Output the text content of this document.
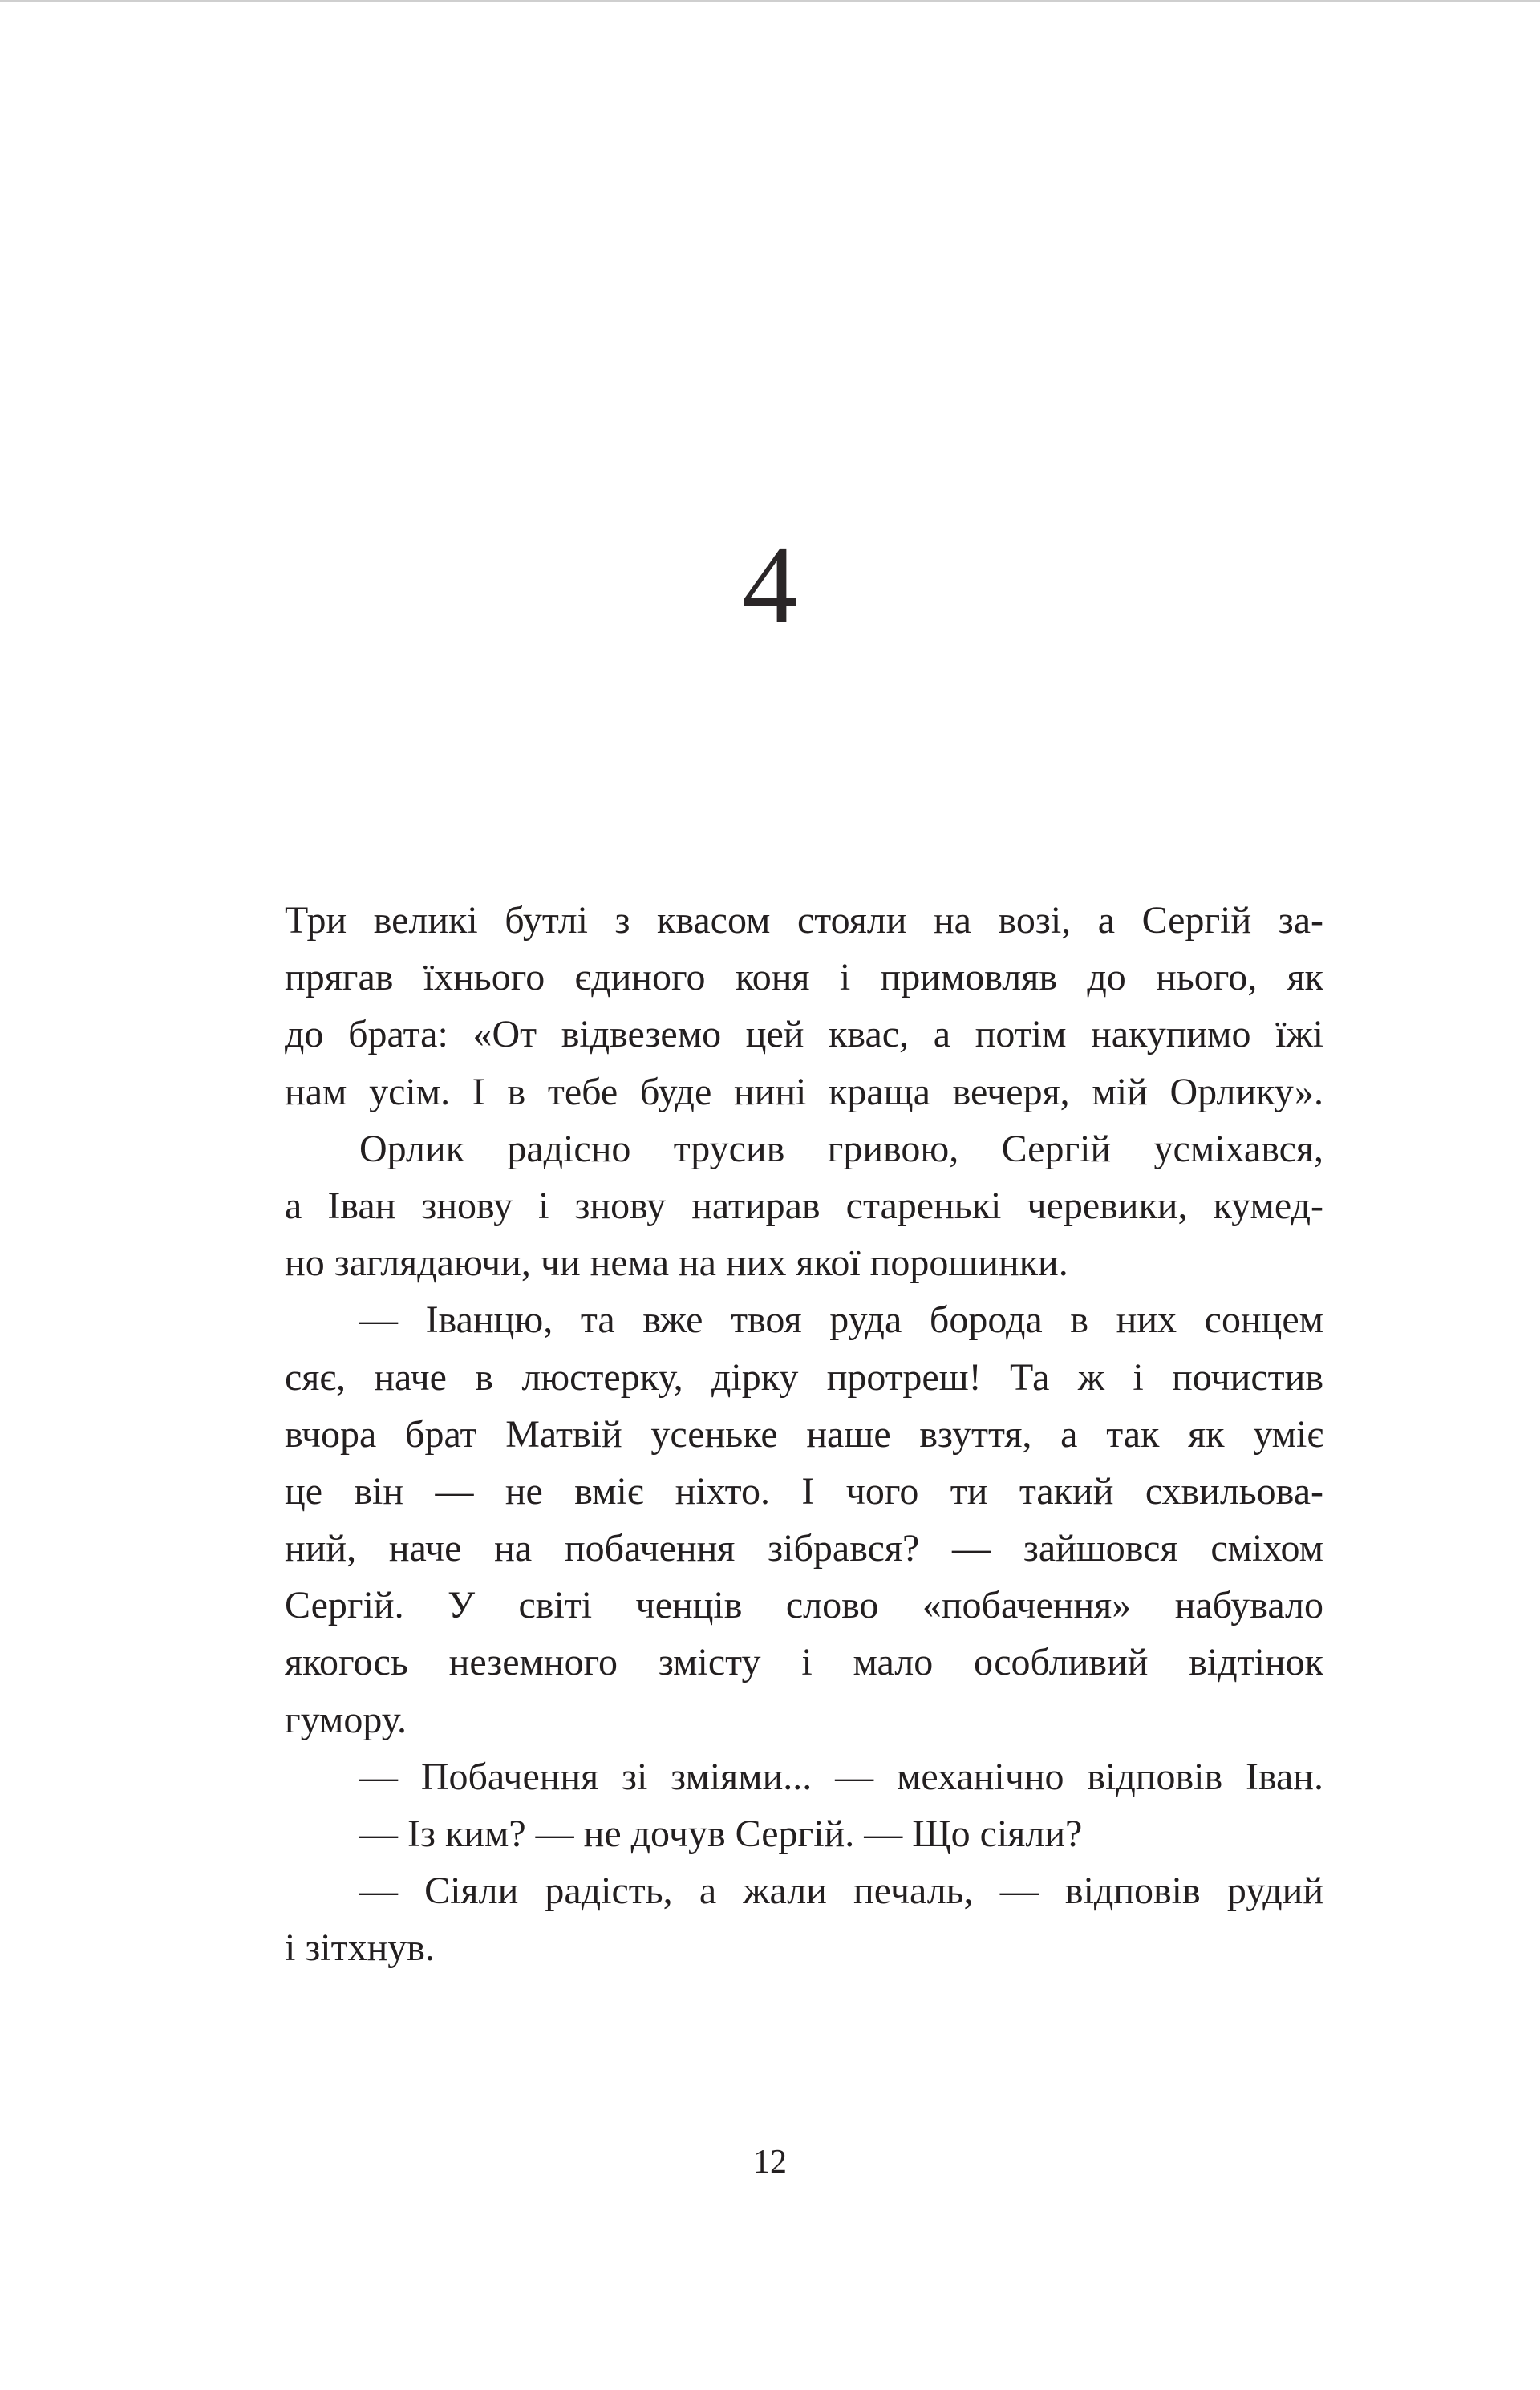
4
Три великі бутлі з квасом стояли на возі, а Сергій за-
прягав їхнього єдиного коня і примовляв до нього, як
до брата: «От відвеземо цей квас, а потім накупимо їжі
нам усім. І в тебе буде нині краща вечеря, мій Орлику».
Орлик радісно трусив гривою, Сергій усміхався,
а Іван знову і знову натирав старенькі черевики, кумед-
но заглядаючи, чи нема на них якої порошинки.
— Іванцю, та вже твоя руда борода в них сонцем
сяє, наче в люстерку, дірку протреш! Та ж і почистив
вчора брат Матвій усеньке наше взуття, а так як уміє
це він — не вміє ніхто. І чого ти такий схвильова-
ний, наче на побачення зібрався? — зайшовся сміхом
Сергій. У світі ченців слово «побачення» набувало
якогось неземного змісту і мало особливий відтінок
гумору.
— Побачення зі зміями... — механічно відповів Іван.
— Із ким? — не дочув Сергій. — Що сіяли?
— Сіяли радість, а жали печаль, — відповів рудий
і зітхнув.
12
